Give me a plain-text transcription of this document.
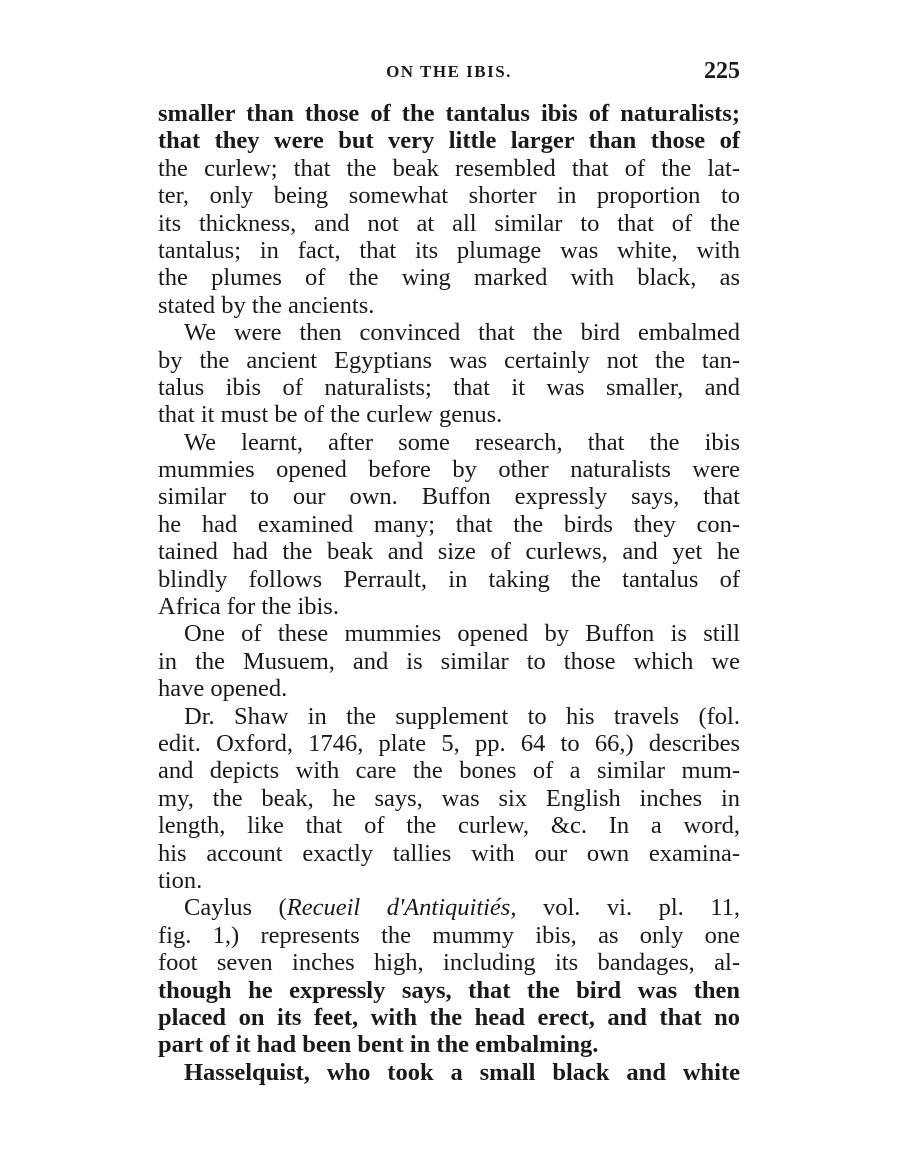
ON THE IBIS.	225
smaller than those of the tantalus ibis of naturalists;
that they were but very little larger than those of
the curlew; that the beak resembled that of the lat-
ter, only being somewhat shorter in proportion to
its thickness, and not at all similar to that of the
tantalus; in fact, that its plumage was white, with
the plumes of the wing marked with black, as
stated by the ancients.
We were then convinced that the bird embalmed
by the ancient Egyptians was certainly not the tan-
talus ibis of naturalists; that it was smaller, and
that it must be of the curlew genus.
We learnt, after some research, that the ibis
mummies opened before by other naturalists were
similar to our own. Buffon expressly says, that
he had examined many; that the birds they con-
tained had the beak and size of curlews, and yet he
blindly follows Perrault, in taking the tantalus of
Africa for the ibis.
One of these mummies opened by Buffon is still
in the Musuem, and is similar to those which we
have opened.
Dr. Shaw in the supplement to his travels (fol.
edit. Oxford, 1746, plate 5, pp. 64 to 66,) describes
and depicts with care the bones of a similar mum-
my, the beak, he says, was six English inches in
length, like that of the curlew, &c. In a word,
his account exactly tallies with our own examina-
tion.
Caylus (Recueil d'Antiquitiés, vol. vi. pl. 11,
fig. 1,) represents the mummy ibis, as only one
foot seven inches high, including its bandages, al-
though he expressly says, that the bird was then
placed on its feet, with the head erect, and that no
part of it had been bent in the embalming.
Hasselquist, who took a small black and white
